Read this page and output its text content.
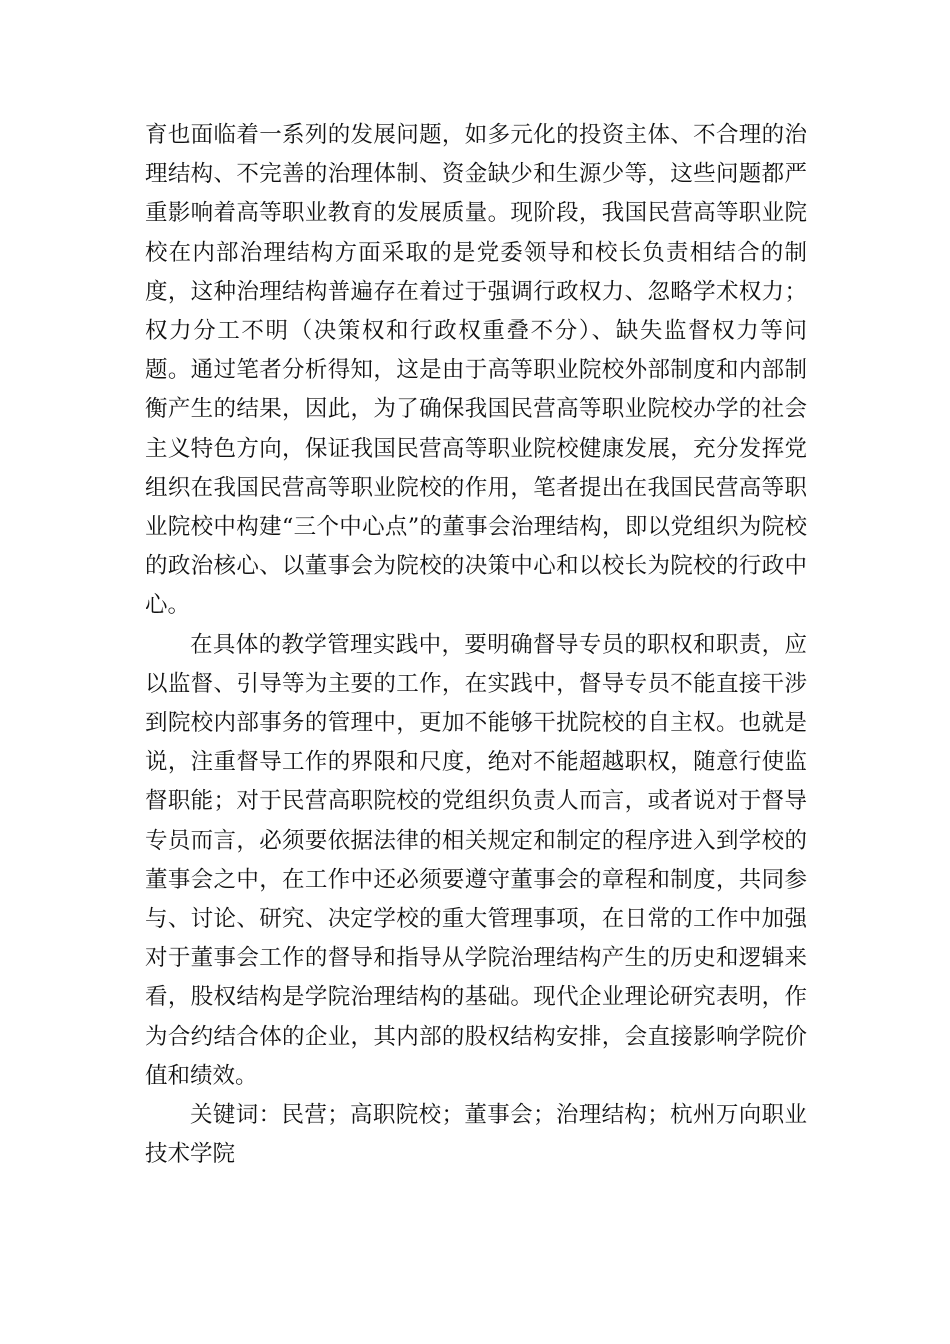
育也面临着一系列的发展问题，如多元化的投资主体、不合理的治理结构、不完善的治理体制、资金缺少和生源少等，这些问题都严重影响着高等职业教育的发展质量。现阶段，我国民营高等职业院校在内部治理结构方面采取的是党委领导和校长负责相结合的制度，这种治理结构普遍存在着过于强调行政权力、忽略学术权力；权力分工不明（决策权和行政权重叠不分）、缺失监督权力等问题。通过笔者分析得知，这是由于高等职业院校外部制度和内部制衡产生的结果，因此，为了确保我国民营高等职业院校办学的社会主义特色方向，保证我国民营高等职业院校健康发展，充分发挥党组织在我国民营高等职业院校的作用，笔者提出在我国民营高等职业院校中构建“三个中心点”的董事会治理结构，即以党组织为院校的政治核心、以董事会为院校的决策中心和以校长为院校的行政中心。

在具体的教学管理实践中，要明确督导专员的职权和职责，应以监督、引导等为主要的工作，在实践中，督导专员不能直接干涉到院校内部事务的管理中，更加不能够干扰院校的自主权。也就是说，注重督导工作的界限和尺度，绝对不能超越职权，随意行使监督职能；对于民营高职院校的党组织负责人而言，或者说对于督导专员而言，必须要依据法律的相关规定和制定的程序进入到学校的董事会之中，在工作中还必须要遵守董事会的章程和制度，共同参与、讨论、研究、决定学校的重大管理事项，在日常的工作中加强对于董事会工作的督导和指导从学院治理结构产生的历史和逻辑来看，股权结构是学院治理结构的基础。现代企业理论研究表明，作为合约结合体的企业，其内部的股权结构安排，会直接影响学院价值和绩效。

关键词：民营；高职院校；董事会；治理结构；杭州万向职业技术学院
